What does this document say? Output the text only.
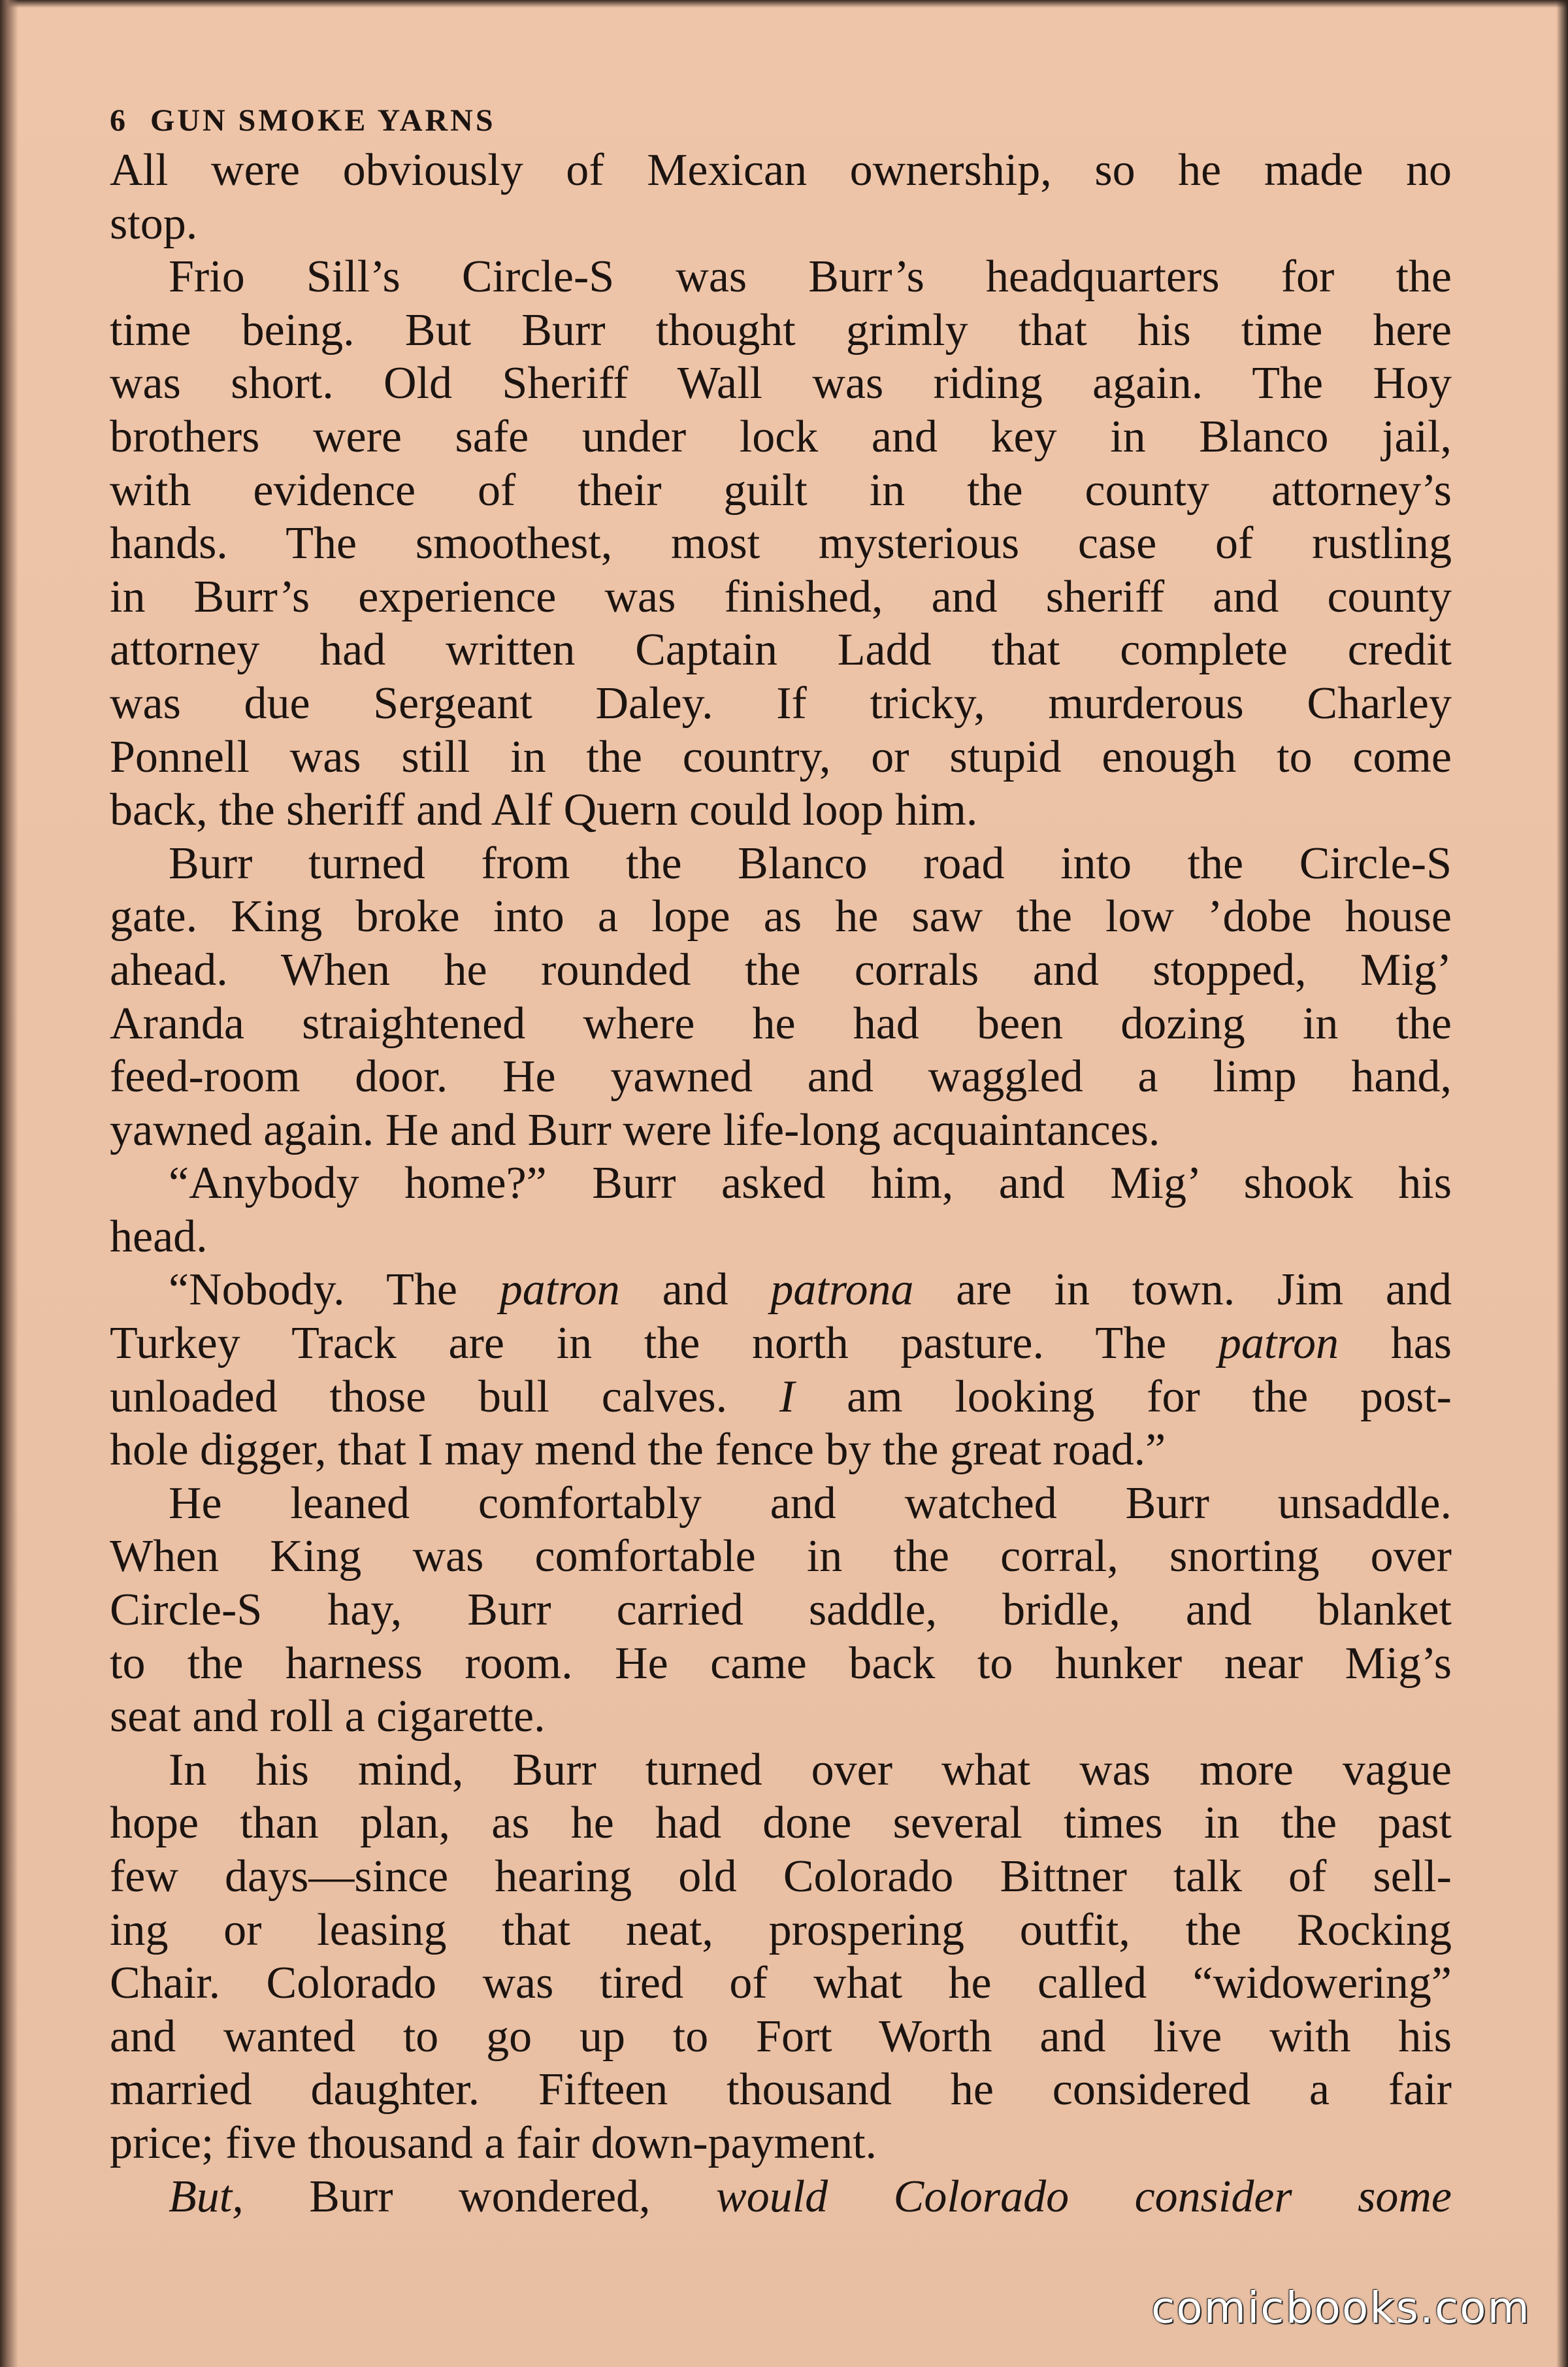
6 GUN SMOKE YARNS
All were obviously of Mexican ownership, so he made no
stop.
Frio Sill’s Circle-S was Burr’s headquarters for the
time being. But Burr thought grimly that his time here
was short. Old Sheriff Wall was riding again. The Hoy
brothers were safe under lock and key in Blanco jail,
with evidence of their guilt in the county attorney’s
hands. The smoothest, most mysterious case of rustling
in Burr’s experience was finished, and sheriff and county
attorney had written Captain Ladd that complete credit
was due Sergeant Daley. If tricky, murderous Charley
Ponnell was still in the country, or stupid enough to come
back, the sheriff and Alf Quern could loop him.
Burr turned from the Blanco road into the Circle-S
gate. King broke into a lope as he saw the low ’dobe house
ahead. When he rounded the corrals and stopped, Mig’
Aranda straightened where he had been dozing in the
feed-room door. He yawned and waggled a limp hand,
yawned again. He and Burr were life-long acquaintances.
“Anybody home?” Burr asked him, and Mig’ shook his
head.
“Nobody. The patron and patrona are in town. Jim and
Turkey Track are in the north pasture. The patron has
unloaded those bull calves. I am looking for the post-
hole digger, that I may mend the fence by the great road.”
He leaned comfortably and watched Burr unsaddle.
When King was comfortable in the corral, snorting over
Circle-S hay, Burr carried saddle, bridle, and blanket
to the harness room. He came back to hunker near Mig’s
seat and roll a cigarette.
In his mind, Burr turned over what was more vague
hope than plan, as he had done several times in the past
few days—since hearing old Colorado Bittner talk of sell-
ing or leasing that neat, prospering outfit, the Rocking
Chair. Colorado was tired of what he called “widowering”
and wanted to go up to Fort Worth and live with his
married daughter. Fifteen thousand he considered a fair
price; five thousand a fair down-payment.
But, Burr wondered, would Colorado consider some
comicbooks.com
